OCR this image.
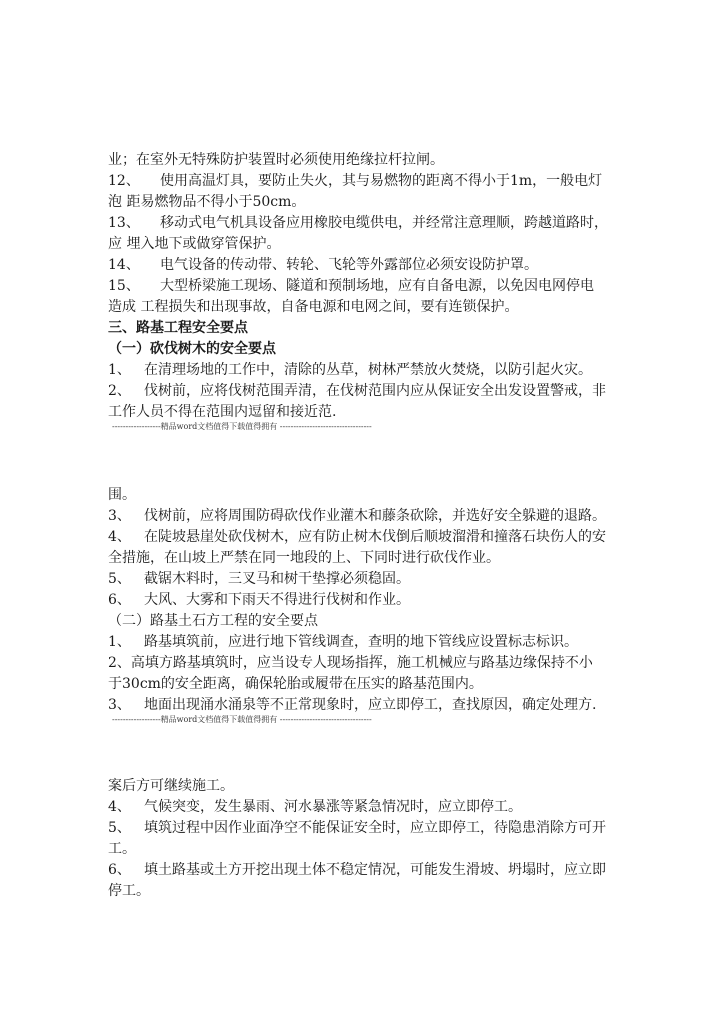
业；在室外无特殊防护装置时必须使用绝缘拉杆拉闸。
12、 使用高温灯具，要防止失火，其与易燃物的距离不得小于1m，一般电灯
泡 距易燃物品不得小于50cm。
13、 移动式电气机具设备应用橡胶电缆供电，并经常注意理顺，跨越道路时，
应 埋入地下或做穿管保护。
14、 电气设备的传动带、转轮、飞轮等外露部位必须安设防护罩。
15、 大型桥梁施工现场、隧道和预制场地，应有自备电源，以免因电网停电
造成 工程损失和出现事故，自备电源和电网之间，要有连锁保护。
三、路基工程安全要点
（一）砍伐树木的安全要点
1、 在清理场地的工作中，清除的丛草，树林严禁放火焚烧，以防引起火灾。
2、 伐树前，应将伐树范围弄清，在伐树范围内应从保证安全出发设置警戒，非
工作人员不得在范围内逗留和接近范.
------------------精品word文档值得下载值得拥有 ----------------------------------
围。
3、 伐树前，应将周围防碍砍伐作业灌木和藤条砍除，并选好安全躲避的退路。
4、 在陡坡悬崖处砍伐树木，应有防止树木伐倒后顺坡溜滑和撞落石块伤人的安
全措施，在山坡上严禁在同一地段的上、下同时进行砍伐作业。
5、 截锯木料时，三叉马和树干垫撑必须稳固。
6、 大风、大雾和下雨天不得进行伐树和作业。
（二）路基土石方工程的安全要点
1、 路基填筑前，应进行地下管线调查，查明的地下管线应设置标志标识。
2、高填方路基填筑时，应当设专人现场指挥，施工机械应与路基边缘保持不小
于30cm的安全距离，确保轮胎或履带在压实的路基范围内。
3、 地面出现涌水涌泉等不正常现象时，应立即停工，查找原因，确定处理方.
------------------精品word文档值得下载值得拥有 ----------------------------------
案后方可继续施工。
4、 气候突变，发生暴雨、河水暴涨等紧急情况时，应立即停工。
5、 填筑过程中因作业面净空不能保证安全时，应立即停工，待隐患消除方可开
工。
6、 填土路基或土方开挖出现土体不稳定情况，可能发生滑坡、坍塌时，应立即
停工。
